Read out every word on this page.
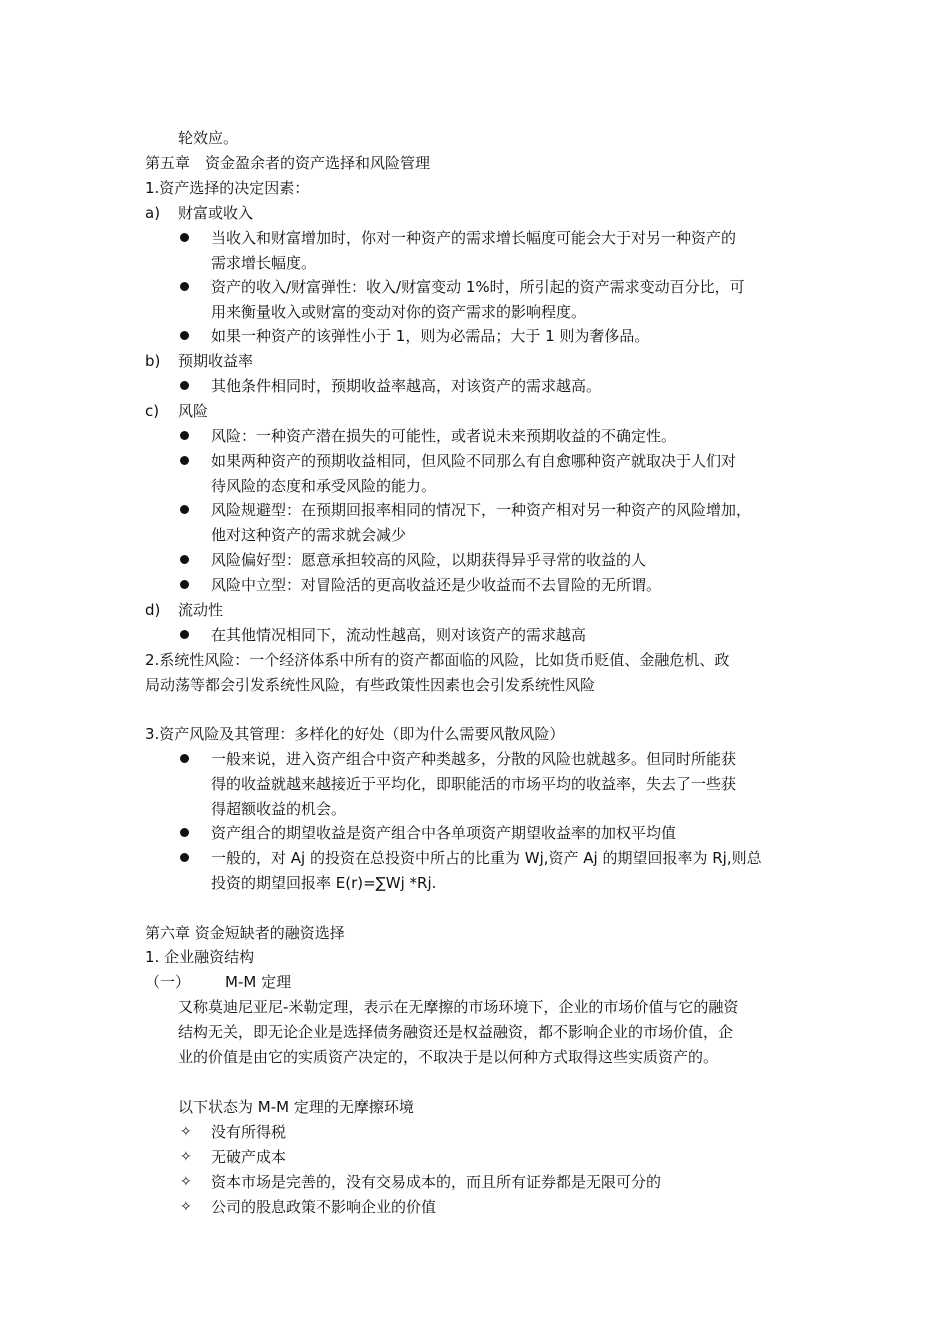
轮效应。
第五章　资金盈余者的资产选择和风险管理
1.资产选择的决定因素：
a) 财富或收入
当收入和财富增加时，你对一种资产的需求增长幅度可能会大于对另一种资产的
需求增长幅度。
资产的收入/财富弹性：收入/财富变动 1%时，所引起的资产需求变动百分比，可
用来衡量收入或财富的变动对你的资产需求的影响程度。
如果一种资产的该弹性小于 1，则为必需品；大于 1 则为奢侈品。
b) 预期收益率
其他条件相同时，预期收益率越高，对该资产的需求越高。
c) 风险
风险：一种资产潜在损失的可能性，或者说未来预期收益的不确定性。
如果两种资产的预期收益相同，但风险不同那么有自愈哪种资产就取决于人们对
待风险的态度和承受风险的能力。
风险规避型：在预期回报率相同的情况下，一种资产相对另一种资产的风险增加，
他对这种资产的需求就会减少
风险偏好型：愿意承担较高的风险，以期获得异乎寻常的收益的人
风险中立型：对冒险活的更高收益还是少收益而不去冒险的无所谓。
d) 流动性
在其他情况相同下，流动性越高，则对该资产的需求越高
2.系统性风险：一个经济体系中所有的资产都面临的风险，比如货币贬值、金融危机、政
局动荡等都会引发系统性风险，有些政策性因素也会引发系统性风险
3.资产风险及其管理：多样化的好处（即为什么需要风散风险）
一般来说，进入资产组合中资产种类越多，分散的风险也就越多。但同时所能获
得的收益就越来越接近于平均化，即职能活的市场平均的收益率，失去了一些获
得超额收益的机会。
资产组合的期望收益是资产组合中各单项资产期望收益率的加权平均值
一般的，对 Aj 的投资在总投资中所占的比重为 Wj,资产 Aj 的期望回报率为 Rj,则总
投资的期望回报率 E(r)=∑Wj *Rj.
第六章 资金短缺者的融资选择
1. 企业融资结构
（一） M-M 定理
又称莫迪尼亚尼-米勒定理，表示在无摩擦的市场环境下，企业的市场价值与它的融资
结构无关，即无论企业是选择债务融资还是权益融资，都不影响企业的市场价值，企
业的价值是由它的实质资产决定的，不取决于是以何种方式取得这些实质资产的。
以下状态为 M-M 定理的无摩擦环境
✧ 没有所得税
✧ 无破产成本
✧ 资本市场是完善的，没有交易成本的，而且所有证券都是无限可分的
✧ 公司的股息政策不影响企业的价值
